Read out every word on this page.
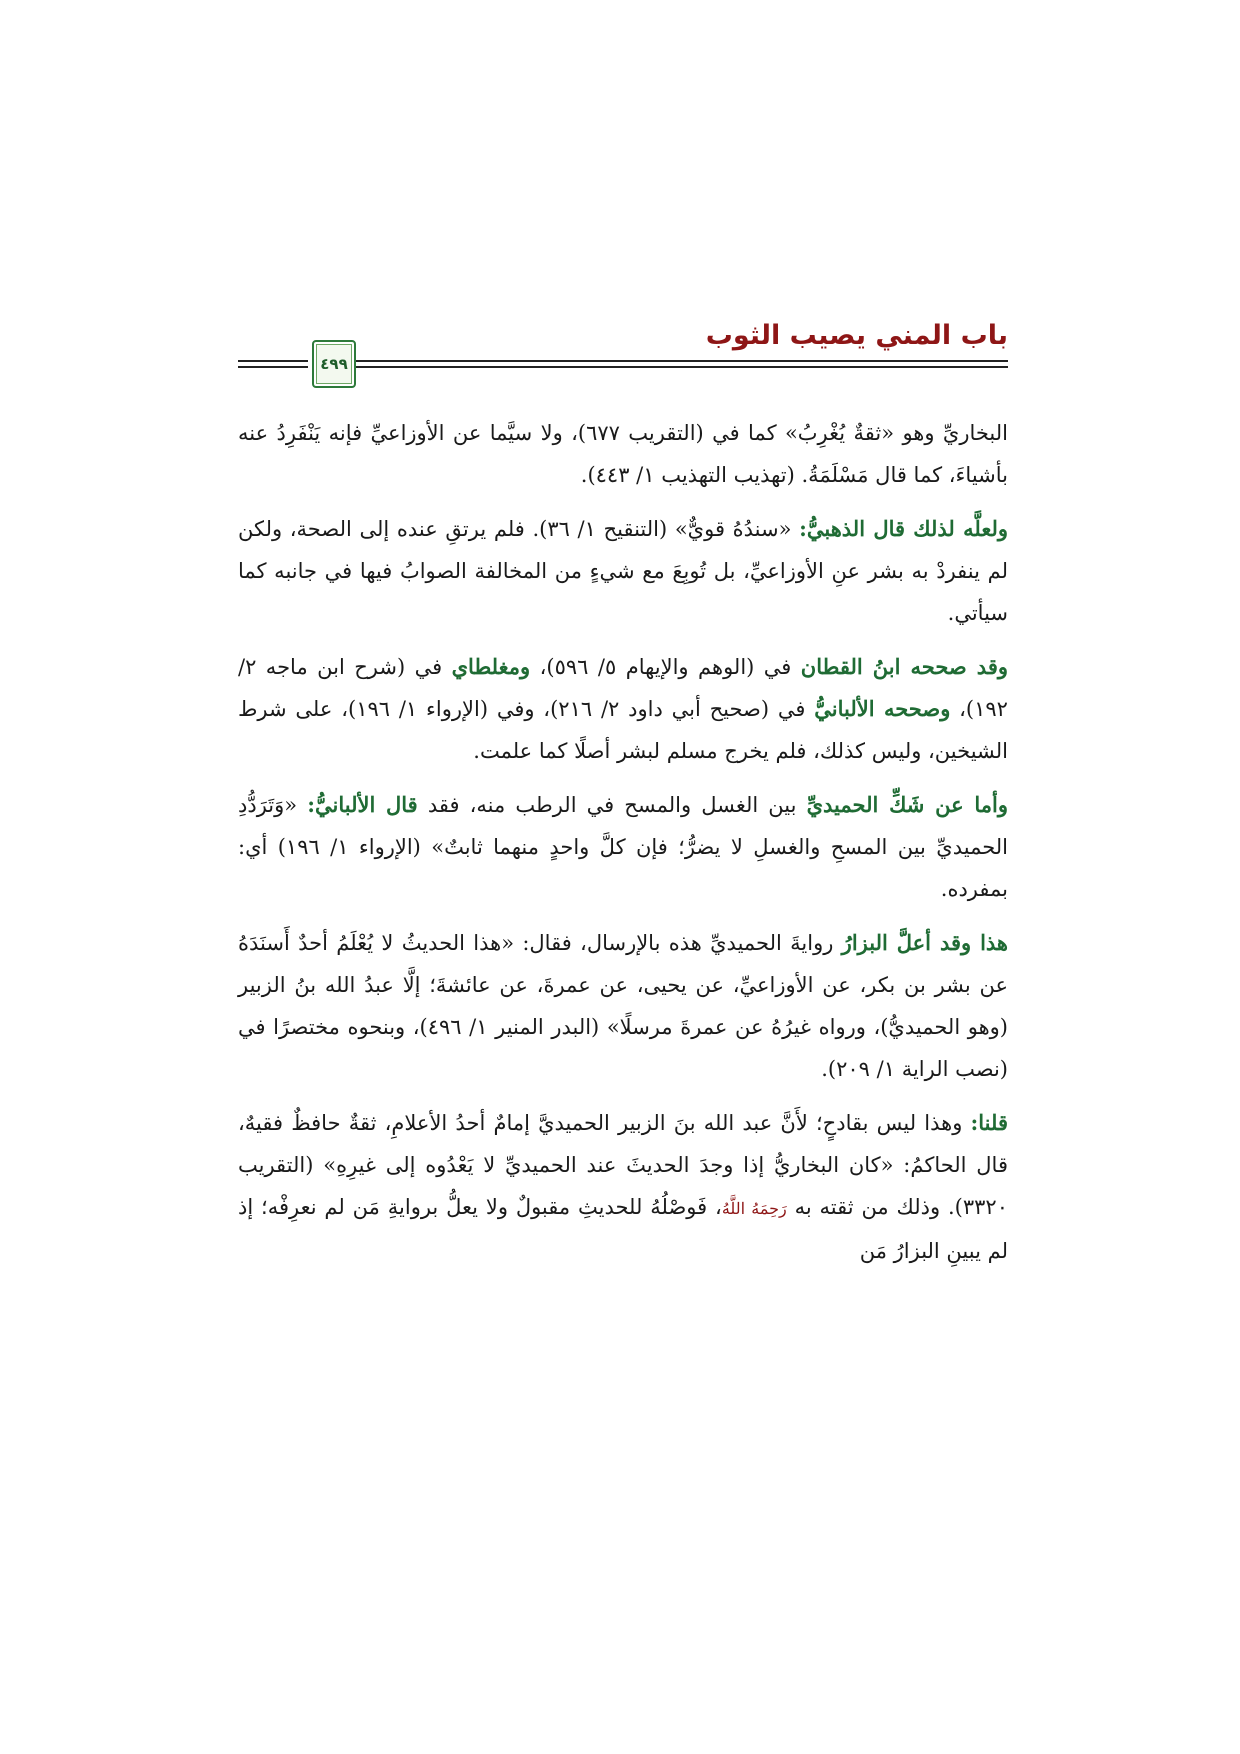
باب المني يصيب الثوب
٤٩٩

البخاريِّ وهو «ثقةٌ يُغْرِبُ» كما في (التقريب ٦٧٧)، ولا سيَّما عن الأوزاعيِّ فإنه يَنْفَرِدُ عنه بأشياءَ، كما قال مَسْلَمَةُ. (تهذيب التهذيب ١/ ٤٤٣).

ولعلَّه لذلك قال الذهبيُّ: «سندُهُ قويٌّ» (التنقيح ١/ ٣٦). فلم يرتقِ عنده إلى الصحة، ولكن لم ينفردْ به بشر عنِ الأوزاعيِّ، بل تُوبِعَ مع شيءٍ من المخالفة الصوابُ فيها في جانبه كما سيأتي.

وقد صححه ابنُ القطان في (الوهم والإيهام ٥/ ٥٩٦)، ومغلطاي في (شرح ابن ماجه ٢/ ١٩٢)، وصححه الألبانيُّ في (صحيح أبي داود ٢/ ٢١٦)، وفي (الإرواء ١/ ١٩٦)، على شرط الشيخين، وليس كذلك، فلم يخرج مسلم لبشر أصلًا كما علمت.

وأما عن شَكِّ الحميديِّ بين الغسل والمسح في الرطب منه، فقد قال الألبانيُّ: «وَتَرَدُّدِ الحميديِّ بين المسحِ والغسلِ لا يضرُّ؛ فإن كلَّ واحدٍ منهما ثابتٌ» (الإرواء ١/ ١٩٦) أي: بمفرده.

هذا وقد أعلَّ البزارُ روايةَ الحميديِّ هذه بالإرسال، فقال: «هذا الحديثُ لا يُعْلَمُ أحدٌ أَسنَدَهُ عن بشر بن بكر، عن الأوزاعيِّ، عن يحيى، عن عمرةَ، عن عائشةَ؛ إلَّا عبدُ الله بنُ الزبير (وهو الحميديُّ)، ورواه غيرُهُ عن عمرةَ مرسلًا» (البدر المنير ١/ ٤٩٦)، وبنحوه مختصرًا في (نصب الراية ١/ ٢٠٩).

قلنا: وهذا ليس بقادحٍ؛ لأَنَّ عبد الله بنَ الزبير الحميديَّ إمامٌ أحدُ الأعلامِ، ثقةٌ حافظٌ فقيهٌ، قال الحاكمُ: «كان البخاريُّ إذا وجدَ الحديثَ عند الحميديِّ لا يَعْدُوه إلى غيرِهِ» (التقريب ٣٣٢٠). وذلك من ثقته به رَحِمَهُ اللَّهُ، فَوصْلُهُ للحديثِ مقبولٌ ولا يعلُّ بروايةِ مَن لم نعرِفْه؛ إذ لم يبينِ البزارُ مَن
